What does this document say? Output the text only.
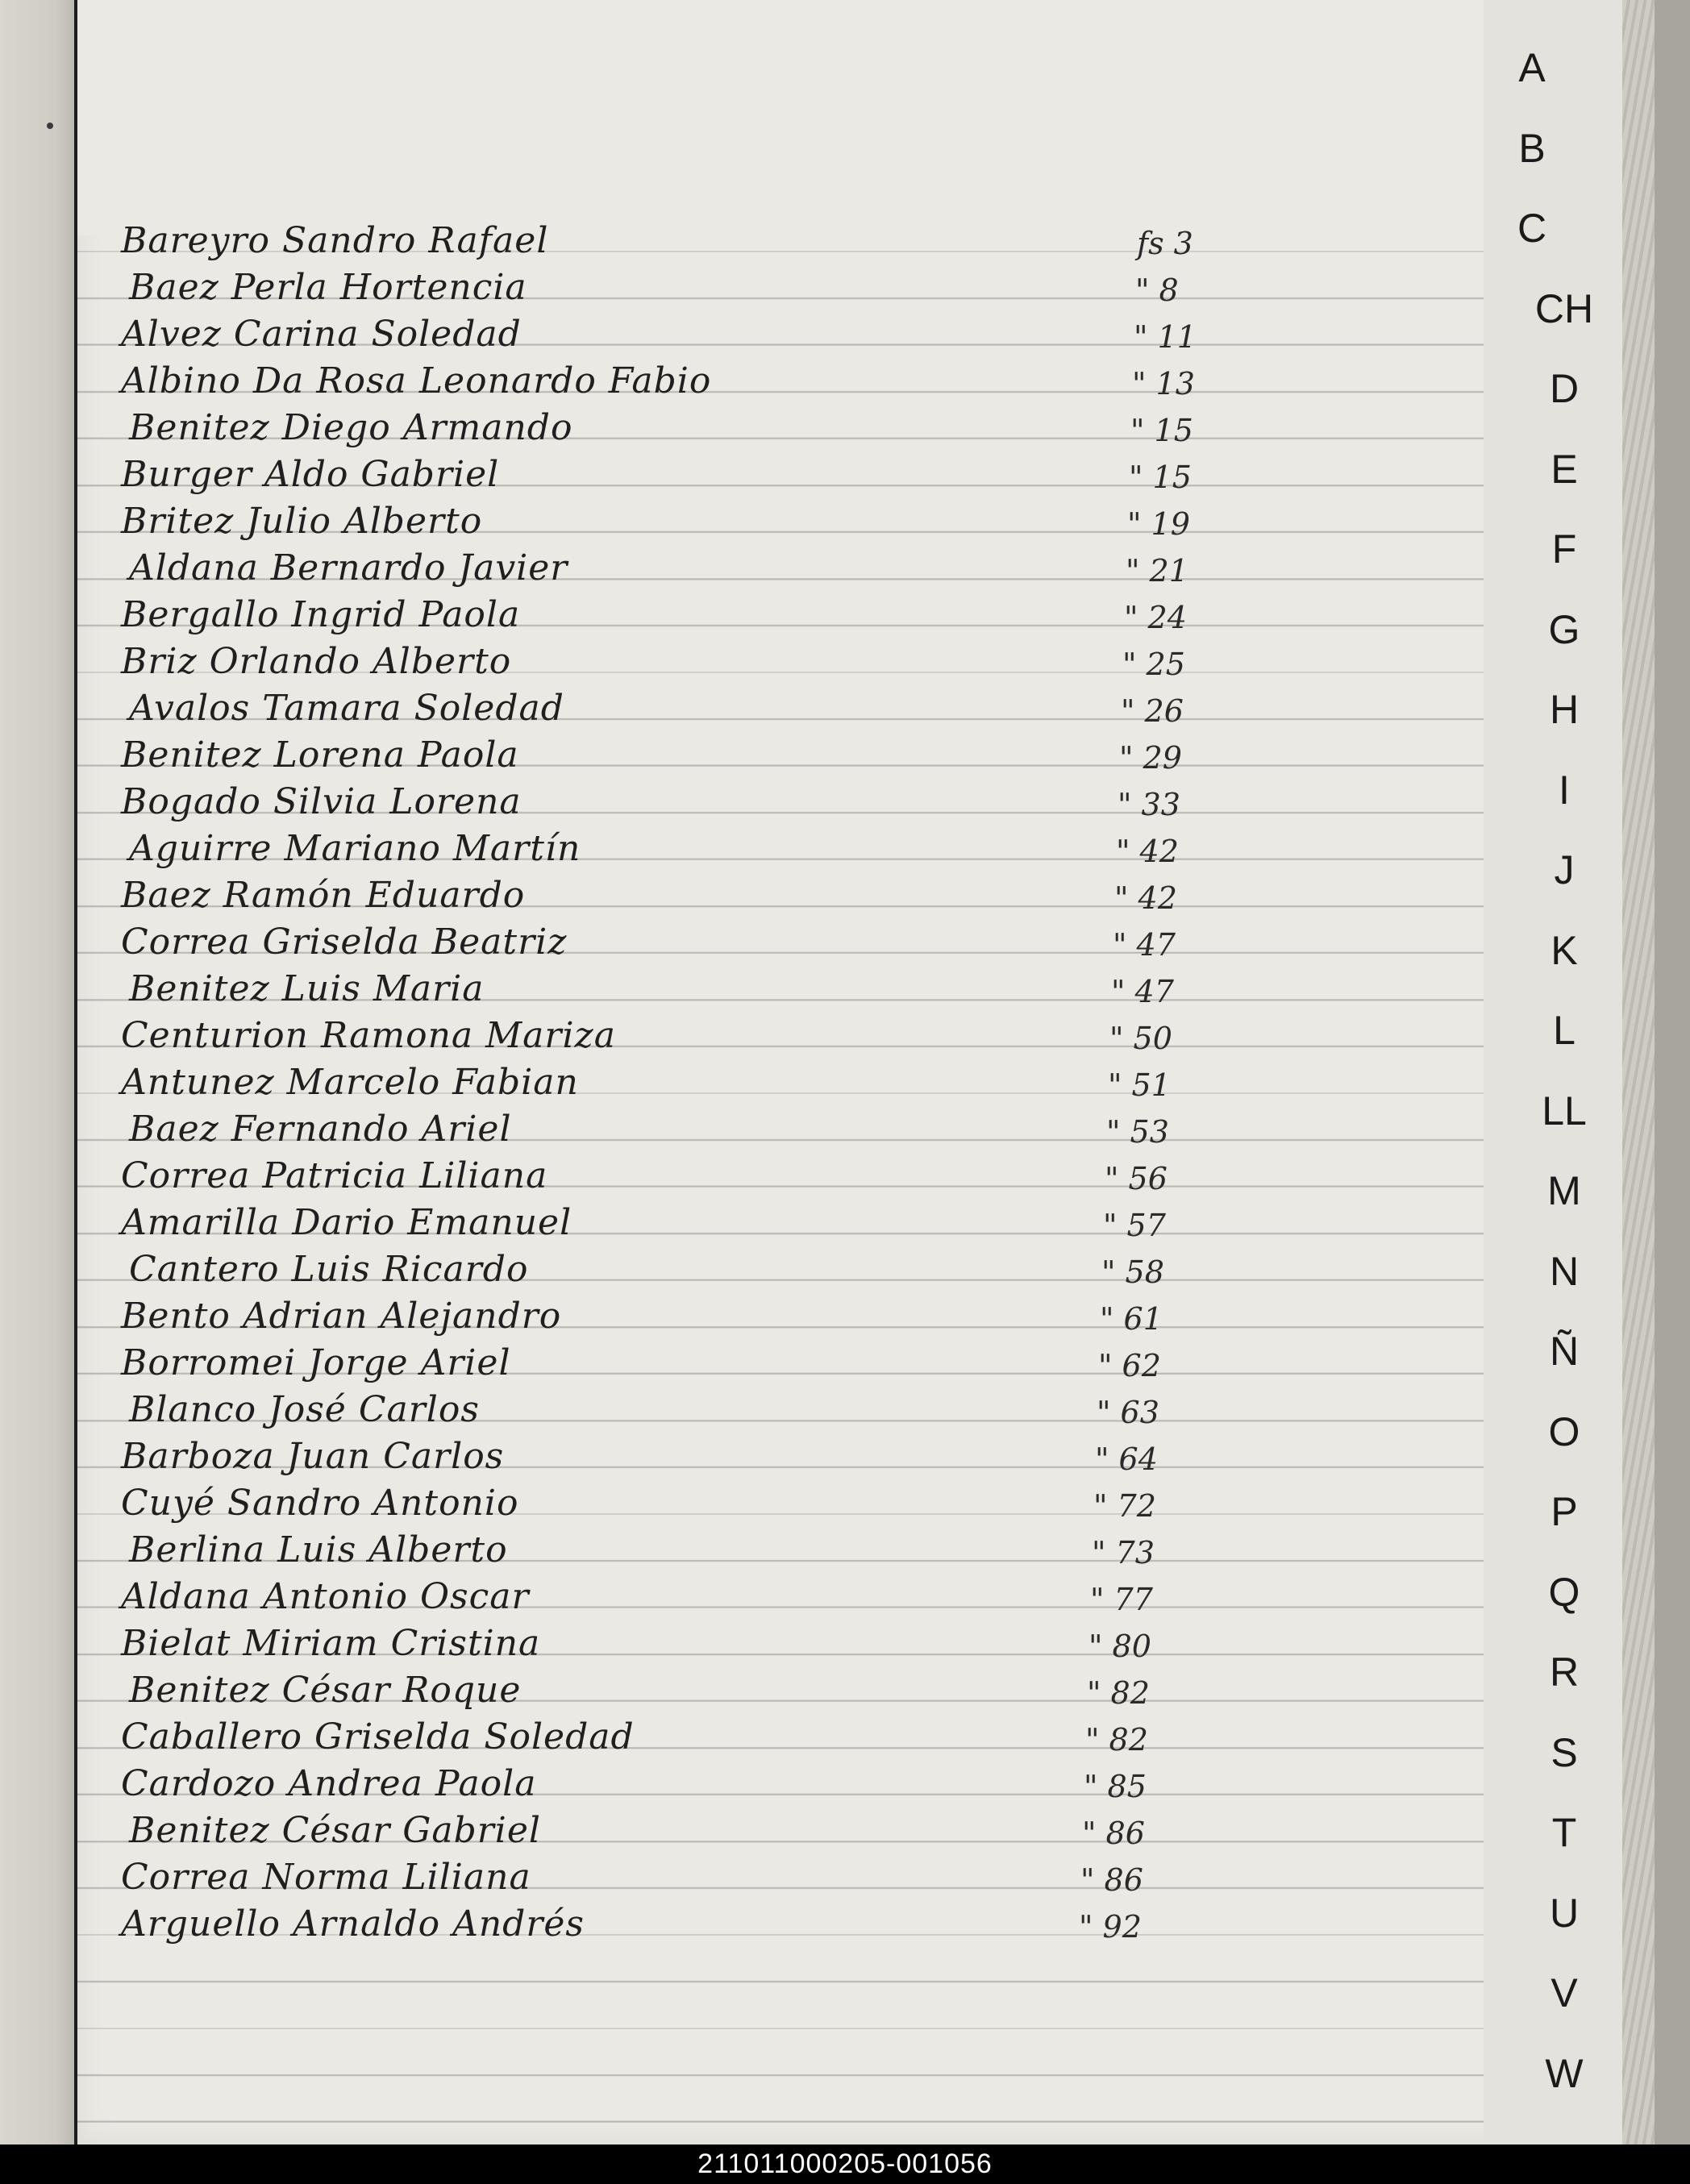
A
B
C
CH
D
E
F
G
H
I
J
K
L
LL
M
N
Ñ
O
P
Q
R
S
T
U
V
W
Bareyro Sandro Rafael	fs 3
Baez Perla Hortencia	" 8
Alvez Carina Soledad	" 11
Albino Da Rosa Leonardo Fabio	" 13
Benitez Diego Armando	" 15
Burger Aldo Gabriel	" 15
Britez Julio Alberto	" 19
Aldana Bernardo Javier	" 21
Bergallo Ingrid Paola	" 24
Briz Orlando Alberto	" 25
Avalos Tamara Soledad	" 26
Benitez Lorena Paola	" 29
Bogado Silvia Lorena	" 33
Aguirre Mariano Martín	" 42
Baez Ramón Eduardo	" 42
Correa Griselda Beatriz	" 47
Benitez Luis Maria	" 47
Centurion Ramona Mariza	" 50
Antunez Marcelo Fabian	" 51
Baez Fernando Ariel	" 53
Correa Patricia Liliana	" 56
Amarilla Dario Emanuel	" 57
Cantero Luis Ricardo	" 58
Bento Adrian Alejandro	" 61
Borromei Jorge Ariel	" 62
Blanco José Carlos	" 63
Barboza Juan Carlos	" 64
Cuyé Sandro Antonio	" 72
Berlina Luis Alberto	" 73
Aldana Antonio Oscar	" 77
Bielat Miriam Cristina	" 80
Benitez César Roque	" 82
Caballero Griselda Soledad	" 82
Cardozo Andrea Paola	" 85
Benitez César Gabriel	" 86
Correa Norma Liliana	" 86
Arguello Arnaldo Andrés	" 92
211011000205-001056
